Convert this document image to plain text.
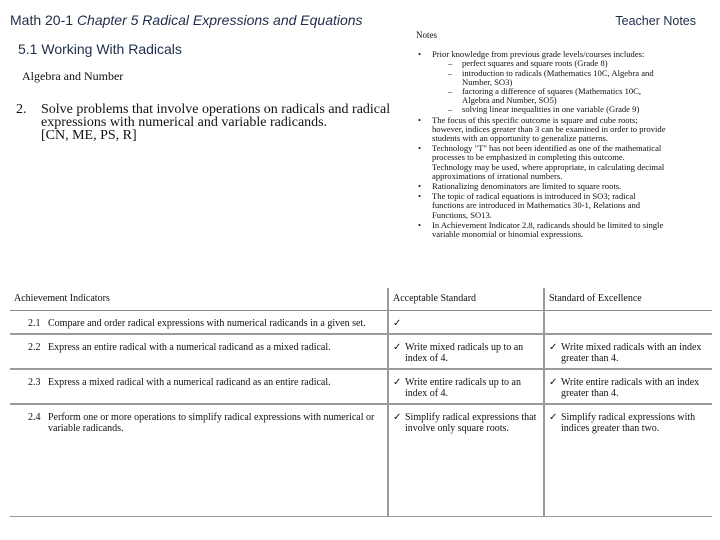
Math 20-1 Chapter 5 Radical Expressions and Equations	Teacher Notes
5.1 Working With Radicals
Algebra and Number
2. Solve problems that involve operations on radicals and radical expressions with numerical and variable radicands.
[CN, ME, PS, R]
Notes
• Prior knowledge from previous grade levels/courses includes:
– perfect squares and square roots (Grade 8)
– introduction to radicals (Mathematics 10C, Algebra and Number, SO3)
– factoring a difference of squares (Mathematics 10C, Algebra and Number, SO5)
– solving linear inequalities in one variable (Grade 9)
• The focus of this specific outcome is square and cube roots; however, indices greater than 3 can be examined in order to provide students with an opportunity to generalize patterns.
• Technology "T" has not been identified as one of the mathematical processes to be emphasized in completing this outcome. Technology may be used, where appropriate, in calculating decimal approximations of irrational numbers.
• Rationalizing denominators are limited to square roots.
• The topic of radical equations is introduced in SO3; radical functions are introduced in Mathematics 30-1, Relations and Functions, SO13.
• In Achievement Indicator 2.8, radicands should be limited to single variable monomial or binomial expressions.
Achievement Indicators		Acceptable Standard	Standard of Excellence
2.1	Compare and order radical expressions with numerical radicands in a given set.	✓	

2.2	Express an entire radical with a numerical radicand as a mixed radical.	✓ Write mixed radicals up to an index of 4.	✓ Write mixed radicals with an index greater than 4.

2.3	Express a mixed radical with a numerical radicand as an entire radical.	✓ Write entire radicals up to an index of 4.	✓ Write entire radicals with an index greater than 4.

2.4	Perform one or more operations to simplify radical expressions with numerical or variable radicands.	✓ Simplify radical expressions that involve only square roots.	✓ Simplify radical expressions with indices greater than two.
